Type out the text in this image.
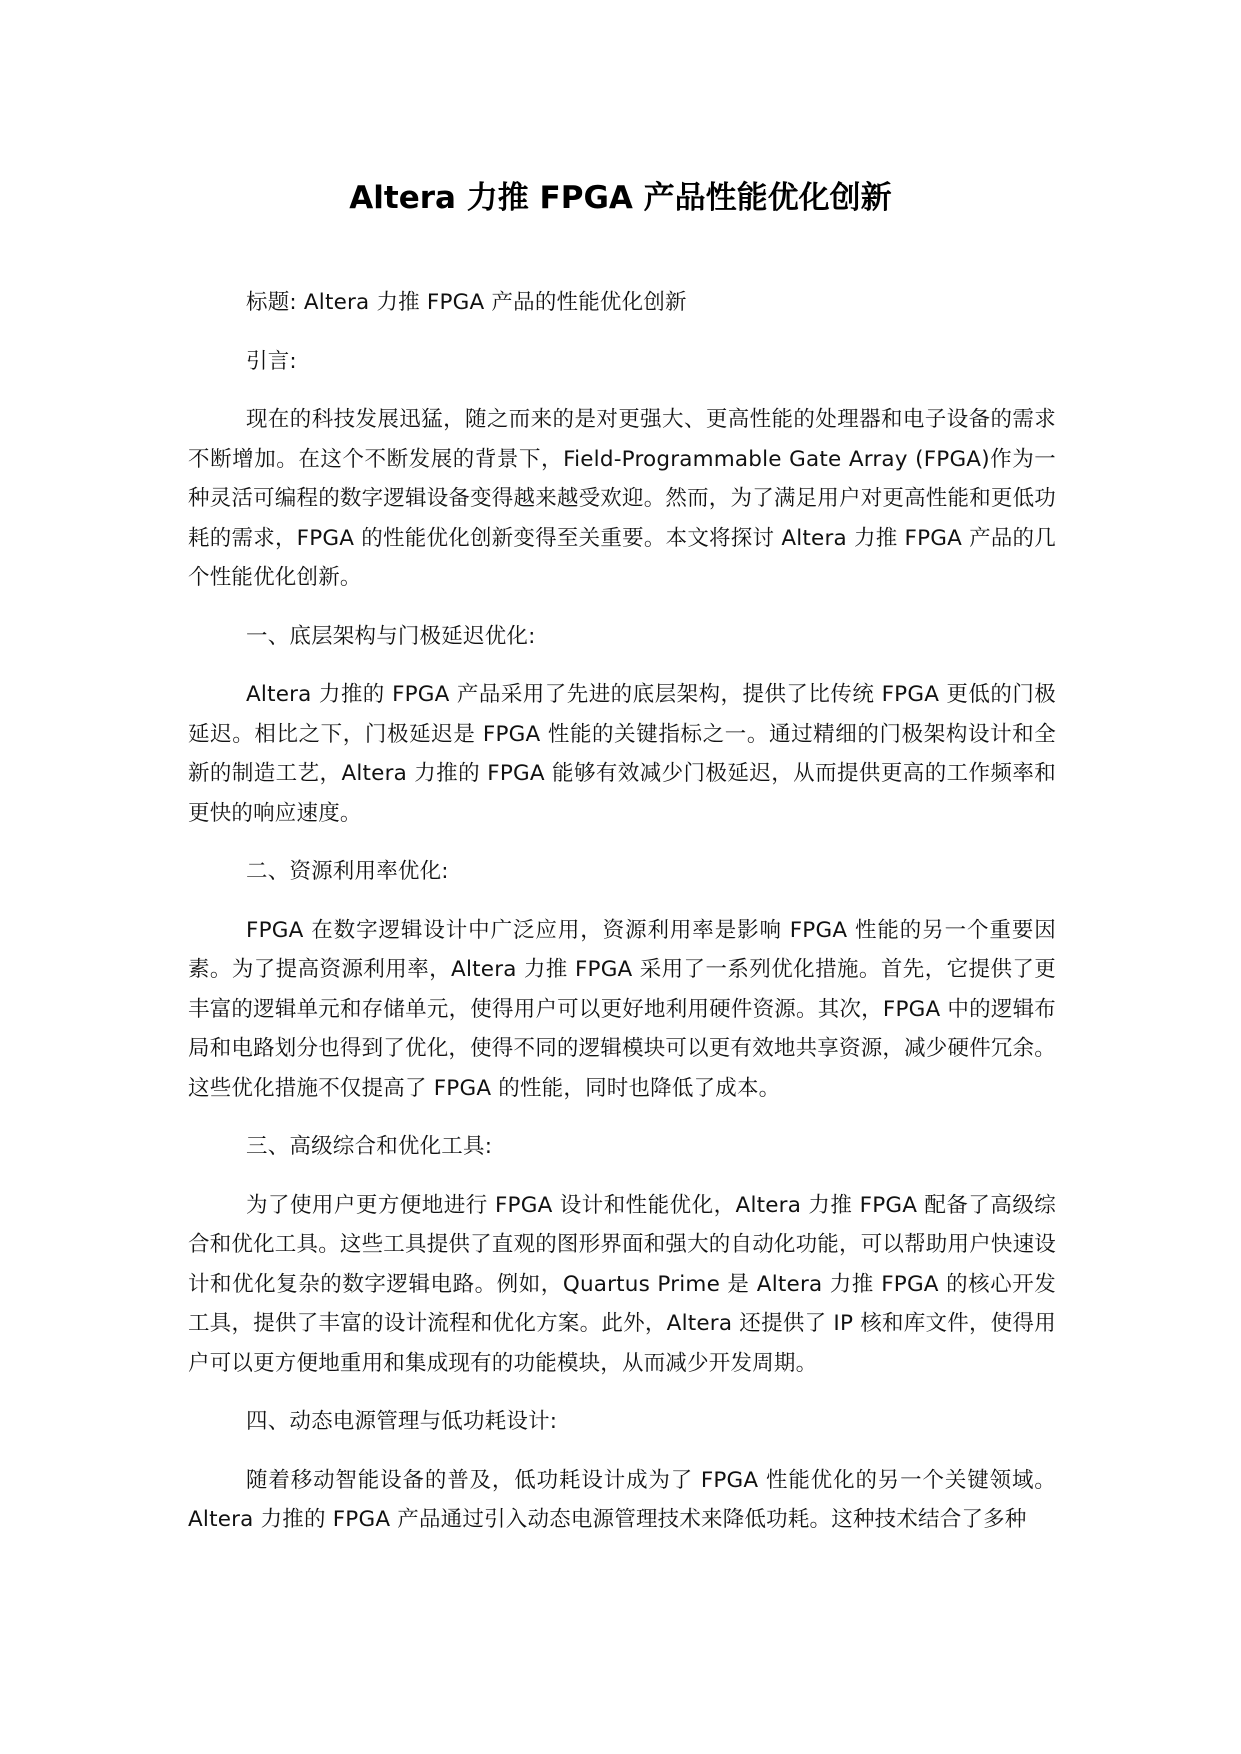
Altera 力推 FPGA 产品性能优化创新

标题: Altera 力推 FPGA 产品的性能优化创新

引言:

现在的科技发展迅猛，随之而来的是对更强大、更高性能的处理器和电子设备的需求不断增加。在这个不断发展的背景下，Field-Programmable Gate Array (FPGA)作为一种灵活可编程的数字逻辑设备变得越来越受欢迎。然而，为了满足用户对更高性能和更低功耗的需求，FPGA 的性能优化创新变得至关重要。本文将探讨 Altera 力推 FPGA 产品的几个性能优化创新。

一、底层架构与门极延迟优化:

Altera 力推的 FPGA 产品采用了先进的底层架构，提供了比传统 FPGA 更低的门极延迟。相比之下，门极延迟是 FPGA 性能的关键指标之一。通过精细的门极架构设计和全新的制造工艺，Altera 力推的 FPGA 能够有效减少门极延迟，从而提供更高的工作频率和更快的响应速度。

二、资源利用率优化:

FPGA 在数字逻辑设计中广泛应用，资源利用率是影响 FPGA 性能的另一个重要因素。为了提高资源利用率，Altera 力推 FPGA 采用了一系列优化措施。首先，它提供了更丰富的逻辑单元和存储单元，使得用户可以更好地利用硬件资源。其次，FPGA 中的逻辑布局和电路划分也得到了优化，使得不同的逻辑模块可以更有效地共享资源，减少硬件冗余。这些优化措施不仅提高了 FPGA 的性能，同时也降低了成本。

三、高级综合和优化工具:

为了使用户更方便地进行 FPGA 设计和性能优化，Altera 力推 FPGA 配备了高级综合和优化工具。这些工具提供了直观的图形界面和强大的自动化功能，可以帮助用户快速设计和优化复杂的数字逻辑电路。例如，Quartus Prime 是 Altera 力推 FPGA 的核心开发工具，提供了丰富的设计流程和优化方案。此外，Altera 还提供了 IP 核和库文件，使得用户可以更方便地重用和集成现有的功能模块，从而减少开发周期。

四、动态电源管理与低功耗设计:

随着移动智能设备的普及，低功耗设计成为了 FPGA 性能优化的另一个关键领域。Altera 力推的 FPGA 产品通过引入动态电源管理技术来降低功耗。这种技术结合了多种
